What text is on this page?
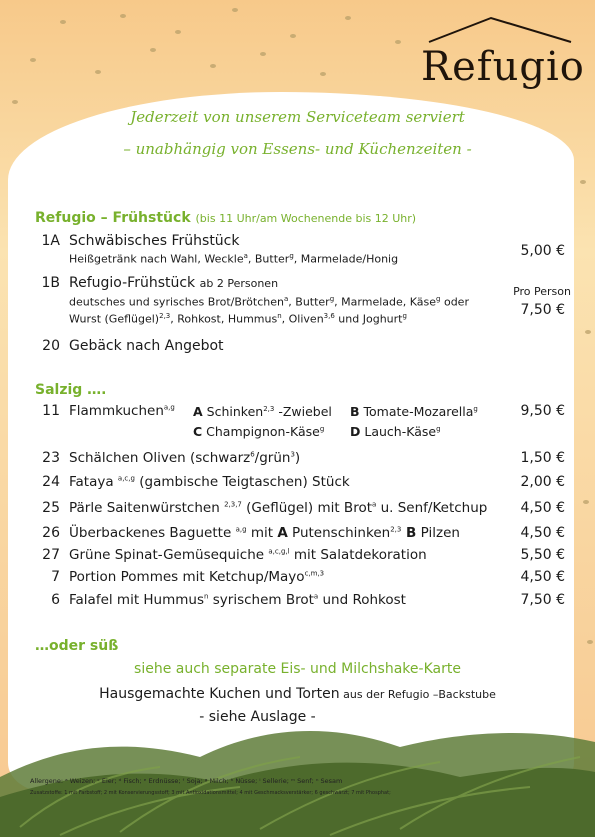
Refugio
Jederzeit von unserem Serviceteam serviert
– unabhängig von Essens- und Küchenzeiten -
Refugio – Frühstück (bis 11 Uhr/am Wochenende bis 12 Uhr)
1A Schwäbisches Frühstück
Heißgetränk nach Wahl, Weckle$^a$, Butter$^g$, Marmelade/Honig
5,00 €
1B Refugio-Frühstück ab 2 Personen
deutsches und syrisches Brot/Brötchen$^a$, Butter$^g$, Marmelade, Käse$^g$ oder
Wurst (Geflügel)$^{2,3}$, Rohkost, Hummus$^n$, Oliven$^{3,6}$ und Joghurt$^g$
Pro Person
7,50 €
20 Gebäck nach Angebot
Salzig ….
11 Flammkuchen$^{a,g}$ A Schinken$^{2,3}$ -Zwiebel B Tomate-Mozarella$^g$
C Champignon-Käse$^g$ D Lauch-Käse$^g$
9,50 €
23 Schälchen Oliven (schwarz$^6$/grün$^3$)	1,50 €
24 Fataya $^{a,c,g}$ (gambische Teigtaschen) Stück	2,00 €
25 Pärle Saitenwürstchen $^{2,3,7}$ (Geflügel) mit Brot$^a$ u. Senf/Ketchup 4,50 €
26 Überbackenes Baguette $^{a,g}$ mit A Putenschinken$^{2,3}$ B Pilzen	4,50 €
27 Grüne Spinat-Gemüsequiche $^{a,c,g,l}$ mit Salatdekoration	5,50 €
7 Portion Pommes mit Ketchup/Mayo$^{c,m,3}$	4,50 €
6 Falafel mit Hummus$^n$ syrischem Brot$^a$ und Rohkost	7,50 €
…oder süß
siehe auch separate Eis- und Milchshake-Karte
Hausgemachte Kuchen und Torten aus der Refugio –Backstube
- siehe Auslage -
Allergene: ᵃ Weizen; ᶜ Eier; ᵈ Fisch; ᵉ Erdnüsse; ᶠ Soja; ᵍ Milch; ʰ Nüsse; ˡ Sellerie; ᵐ Senf; ⁿ Sesam
Zusatzstoffe: 1 mit Farbstoff; 2 mit Konservierungsstoff; 3 mit Antioxidationsmittel; 4 mit Geschmacksverstärker; 6 geschwärzt; 7 mit Phosphat;
